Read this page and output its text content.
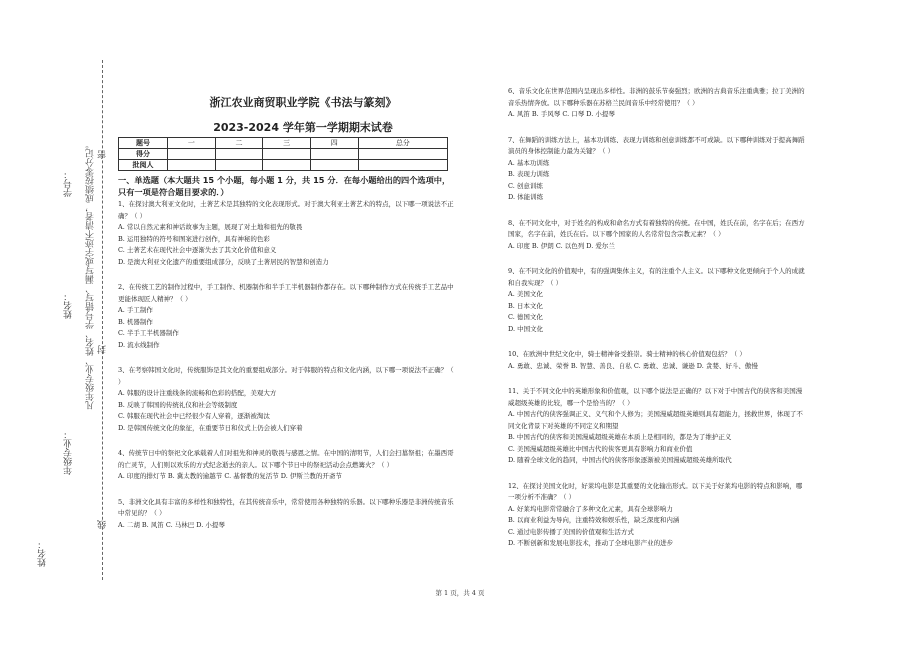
学号：
姓名：
年级专业：
姓名：
凡年级专业、姓名、学号错写、漏写或字迹不清者，成绩按零分记。 密
封
线
浙江农业商贸职业学院《书法与篆刻》
2023-2024 学年第一学期期末试卷
题号	一	二	三	四	总分
得分					
批阅人					
一、单选题（本大题共 15 个小题，每小题 1 分，共 15 分．在每小题给出的四个选项中，只有一项是符合题目要求的．）

1、在探讨澳大利亚文化时，土著艺术是其独特的文化表现形式。对于澳大利亚土著艺术的特点，以下哪一项说法不正确？（ ）

A. 常以自然元素和神话故事为主题，展现了对土地和祖先的敬畏

B. 运用独特的符号和图案进行创作，具有神秘的色彩

C. 土著艺术在现代社会中逐渐失去了其文化价值和意义

D. 是澳大利亚文化遗产的重要组成部分，反映了土著居民的智慧和创造力

2、在传统工艺的制作过程中，手工制作、机器制作和半手工半机器制作都存在。以下哪种制作方式在传统手工艺品中更能体现匠人精神？（ ）

A. 手工制作

B. 机器制作

C. 半手工半机器制作

D. 流水线制作

3、在考察韩国文化时，传统服饰是其文化的重要组成部分。对于韩服的特点和文化内涵，以下哪一项说法不正确？（ ）

A. 韩服的设计注重线条的流畅和色彩的搭配，美观大方

B. 反映了韩国的传统礼仪和社会等级制度

C. 韩服在现代社会中已经很少有人穿着，逐渐被淘汰

D. 是韩国传统文化的象征，在重要节日和仪式上仍会被人们穿着

4、传统节日中的祭祀文化承载着人们对祖先和神灵的敬畏与感恩之情。在中国的清明节，人们会扫墓祭祖；在墨西哥的亡灵节，人们则以欢乐的方式纪念逝去的亲人。以下哪个节日中的祭祀活动会点燃篝火？（ ）

A. 印度的排灯节 B. 冀太教的逾越节 C. 基督教的复活节 D. 伊斯兰教的开斋节

5、非洲文化具有丰富的多样性和独特性，在其传统音乐中，常常使用各种独特的乐器。以下哪种乐器是非洲传统音乐中常见的？（ ）

A. 二胡 B. 风笛 C. 马林巴 D. 小提琴

6、音乐文化在世界范围内呈现出多样性。非洲的鼓乐节奏强烈；欧洲的古典音乐注重典雅；拉丁美洲的音乐热情奔放。以下哪种乐器在苏格兰民间音乐中经常使用？（ ）

A. 风笛 B. 手风琴 C. 口琴 D. 小提琴

7、在舞蹈的训练方法上，基本功训练、表现力训练和创意训练都不可或缺。以下哪种训练对于提高舞蹈演员的身体控制能力最为关键？（ ）

A. 基本功训练

B. 表现力训练

C. 创意训练

D. 体能训练

8、在不同文化中，对于姓名的构成和命名方式有着独特的传统。在中国，姓氏在前，名字在后；在西方国家，名字在前，姓氏在后。以下哪个国家的人名常常包含宗教元素？（ ）

A. 印度 B. 伊朗 C. 以色列 D. 爱尔兰

9、在不同文化的价值观中，有的强调集体主义，有的注重个人主义。以下哪种文化更倾向于个人的成就和自我实现？（ ）

A. 美国文化

B. 日本文化

C. 德国文化

D. 中国文化

10、在欧洲中世纪文化中，骑士精神备受推崇。骑士精神的核心价值观包括？（ ）

A. 勇敢、忠诚、荣誉 B. 智慧、善良、自私 C. 勇敢、忠诚、谦逊 D. 贪婪、好斗、傲慢

11、关于不同文化中的英雄形象和价值观，以下哪个说法是正确的？以下对于中国古代的侠客和美国漫威超级英雄的比较，哪一个是恰当的？（ ）

A. 中国古代的侠客强调正义、义气和个人修为；美国漫威超级英雄则具有超能力，拯救世界，体现了不同文化背景下对英雄的不同定义和期望

B. 中国古代的侠客和美国漫威超级英雄在本质上是相同的，都是为了维护正义

C. 美国漫威超级英雄比中国古代的侠客更具有影响力和商业价值

D. 随着全球文化的趋同，中国古代的侠客形象逐渐被美国漫威超级英雄所取代

12、在探讨美国文化时，好莱坞电影是其重要的文化输出形式。以下关于好莱坞电影的特点和影响，哪一项分析不准确？（ ）

A. 好莱坞电影常常融合了多种文化元素，具有全球影响力

B. 以商业利益为导向，注重特效和娱乐性，缺乏深度和内涵

C. 通过电影传播了美国的价值观和生活方式

D. 不断创新和发展电影技术，推动了全球电影产业的进步

第 1 页，共 4 页
